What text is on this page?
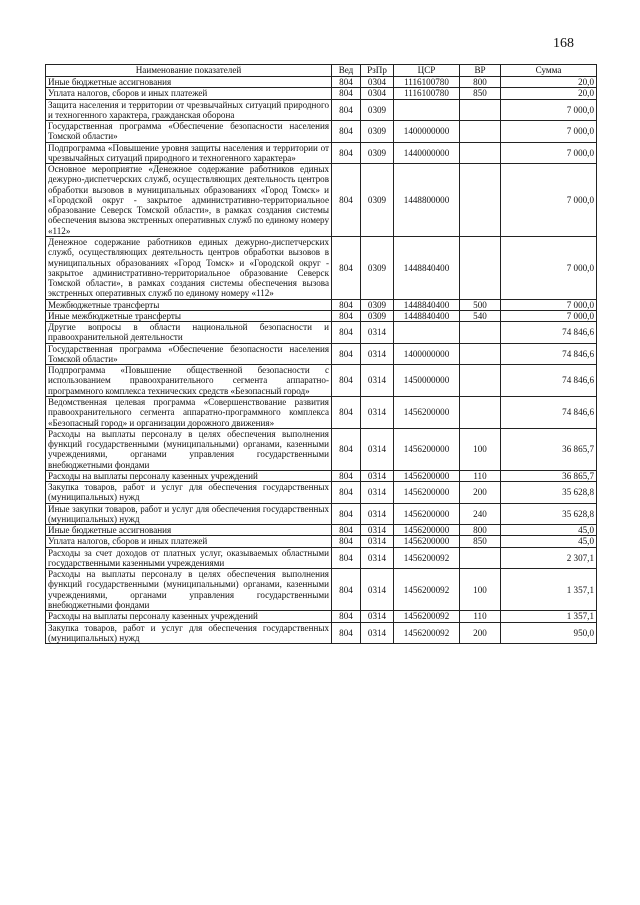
168
Наименование показателей	Вед	РзПр	ЦСР	ВР	Сумма
Иные бюджетные ассигнования	804	0304	1116100780	800	20,0
Уплата налогов, сборов и иных платежей	804	0304	1116100780	850	20,0
Защита населения и территории от чрезвычайных ситуаций природного и техногенного характера, гражданская оборона	804	0309			7 000,0
Государственная программа «Обеспечение безопасности населения Томской области»	804	0309	1400000000		7 000,0
Подпрограмма «Повышение уровня защиты населения и территории от чрезвычайных ситуаций природного и техногенного характера»	804	0309	1440000000		7 000,0
Основное мероприятие «Денежное содержание работников единых дежурно-диспетчерских служб, осуществляющих деятельность центров обработки вызовов в муниципальных образованиях «Город Томск» и «Городской округ - закрытое административно-территориальное образование Северск Томской области», в рамках создания системы обеспечения вызова экстренных оперативных служб по единому номеру «112»	804	0309	1448800000		7 000,0
Денежное содержание работников единых дежурно-диспетчерских служб, осуществляющих деятельность центров обработки вызовов в муниципальных образованиях «Город Томск» и «Городской округ - закрытое административно-территориальное образование Северск Томской области», в рамках создания системы обеспечения вызова экстренных оперативных служб по единому номеру «112»	804	0309	1448840400		7 000,0
Межбюджетные трансферты	804	0309	1448840400	500	7 000,0
Иные межбюджетные трансферты	804	0309	1448840400	540	7 000,0
Другие вопросы в области национальной безопасности и правоохранительной деятельности	804	0314			74 846,6
Государственная программа «Обеспечение безопасности населения Томской области»	804	0314	1400000000		74 846,6
Подпрограмма «Повышение общественной безопасности с использованием правоохранительного сегмента аппаратно-программного комплекса технических средств «Безопасный город»	804	0314	1450000000		74 846,6
Ведомственная целевая программа «Совершенствование развития правоохранительного сегмента аппаратно-программного комплекса «Безопасный город» и организации дорожного движения»	804	0314	1456200000		74 846,6
Расходы на выплаты персоналу в целях обеспечения выполнения функций государственными (муниципальными) органами, казенными учреждениями, органами управления государственными внебюджетными фондами	804	0314	1456200000	100	36 865,7
Расходы на выплаты персоналу казенных учреждений	804	0314	1456200000	110	36 865,7
Закупка товаров, работ и услуг для обеспечения государственных (муниципальных) нужд	804	0314	1456200000	200	35 628,8
Иные закупки товаров, работ и услуг для обеспечения государственных (муниципальных) нужд	804	0314	1456200000	240	35 628,8
Иные бюджетные ассигнования	804	0314	1456200000	800	45,0
Уплата налогов, сборов и иных платежей	804	0314	1456200000	850	45,0
Расходы за счет доходов от платных услуг, оказываемых областными государственными казенными учреждениями	804	0314	1456200092		2 307,1
Расходы на выплаты персоналу в целях обеспечения выполнения функций государственными (муниципальными) органами, казенными учреждениями, органами управления государственными внебюджетными фондами	804	0314	1456200092	100	1 357,1
Расходы на выплаты персоналу казенных учреждений	804	0314	1456200092	110	1 357,1
Закупка товаров, работ и услуг для обеспечения государственных (муниципальных) нужд	804	0314	1456200092	200	950,0
